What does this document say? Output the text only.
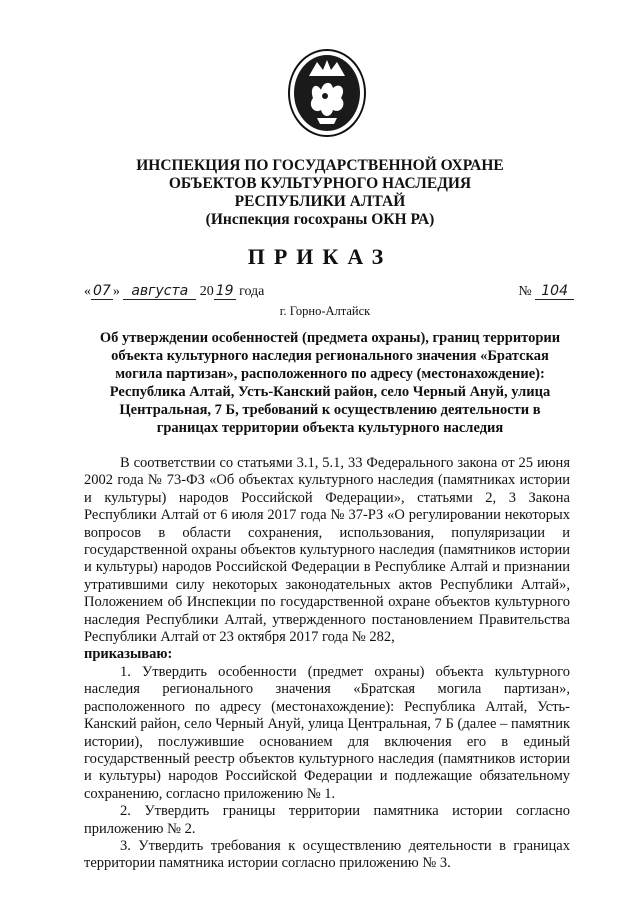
ИНСПЕКЦИЯ ПО ГОСУДАРСТВЕННОЙ ОХРАНЕ
ОБЪЕКТОВ КУЛЬТУРНОГО НАСЛЕДИЯ
РЕСПУБЛИКИ АЛТАЙ
(Инспекция госохраны ОКН РА)
ПРИКАЗ
« 07 » августа 20 19 года	№ 104
г. Горно-Алтайск
Об утверждении особенностей (предмета охраны), границ территории объекта культурного наследия регионального значения «Братская могила партизан», расположенного по адресу (местонахождение): Республика Алтай, Усть-Канский район, село Черный Ануй, улица Центральная, 7 Б, требований к осуществлению деятельности в границах территории объекта культурного наследия

В соответствии со статьями 3.1, 5.1, 33 Федерального закона от 25 июня 2002 года № 73-ФЗ «Об объектах культурного наследия (памятниках истории и культуры) народов Российской Федерации», статьями 2, 3 Закона Республики Алтай от 6 июля 2017 года № 37-РЗ «О регулировании некоторых вопросов в области сохранения, использования, популяризации и государственной охраны объектов культурного наследия (памятников истории и культуры) народов Российской Федерации в Республике Алтай и признании утратившими силу некоторых законодательных актов Республики Алтай», Положением об Инспекции по государственной охране объектов культурного наследия Республики Алтай, утвержденного постановлением Правительства Республики Алтай от 23 октября 2017 года № 282,

приказываю:

1. Утвердить особенности (предмет охраны) объекта культурного наследия регионального значения «Братская могила партизан», расположенного по адресу (местонахождение): Республика Алтай, Усть-Канский район, село Черный Ануй, улица Центральная, 7 Б (далее – памятник истории), послужившие основанием для включения его в единый государственный реестр объектов культурного наследия (памятников истории и культуры) народов Российской Федерации и подлежащие обязательному сохранению, согласно приложению № 1.

2. Утвердить границы территории памятника истории согласно приложению № 2.

3. Утвердить требования к осуществлению деятельности в границах территории памятника истории согласно приложению № 3.
